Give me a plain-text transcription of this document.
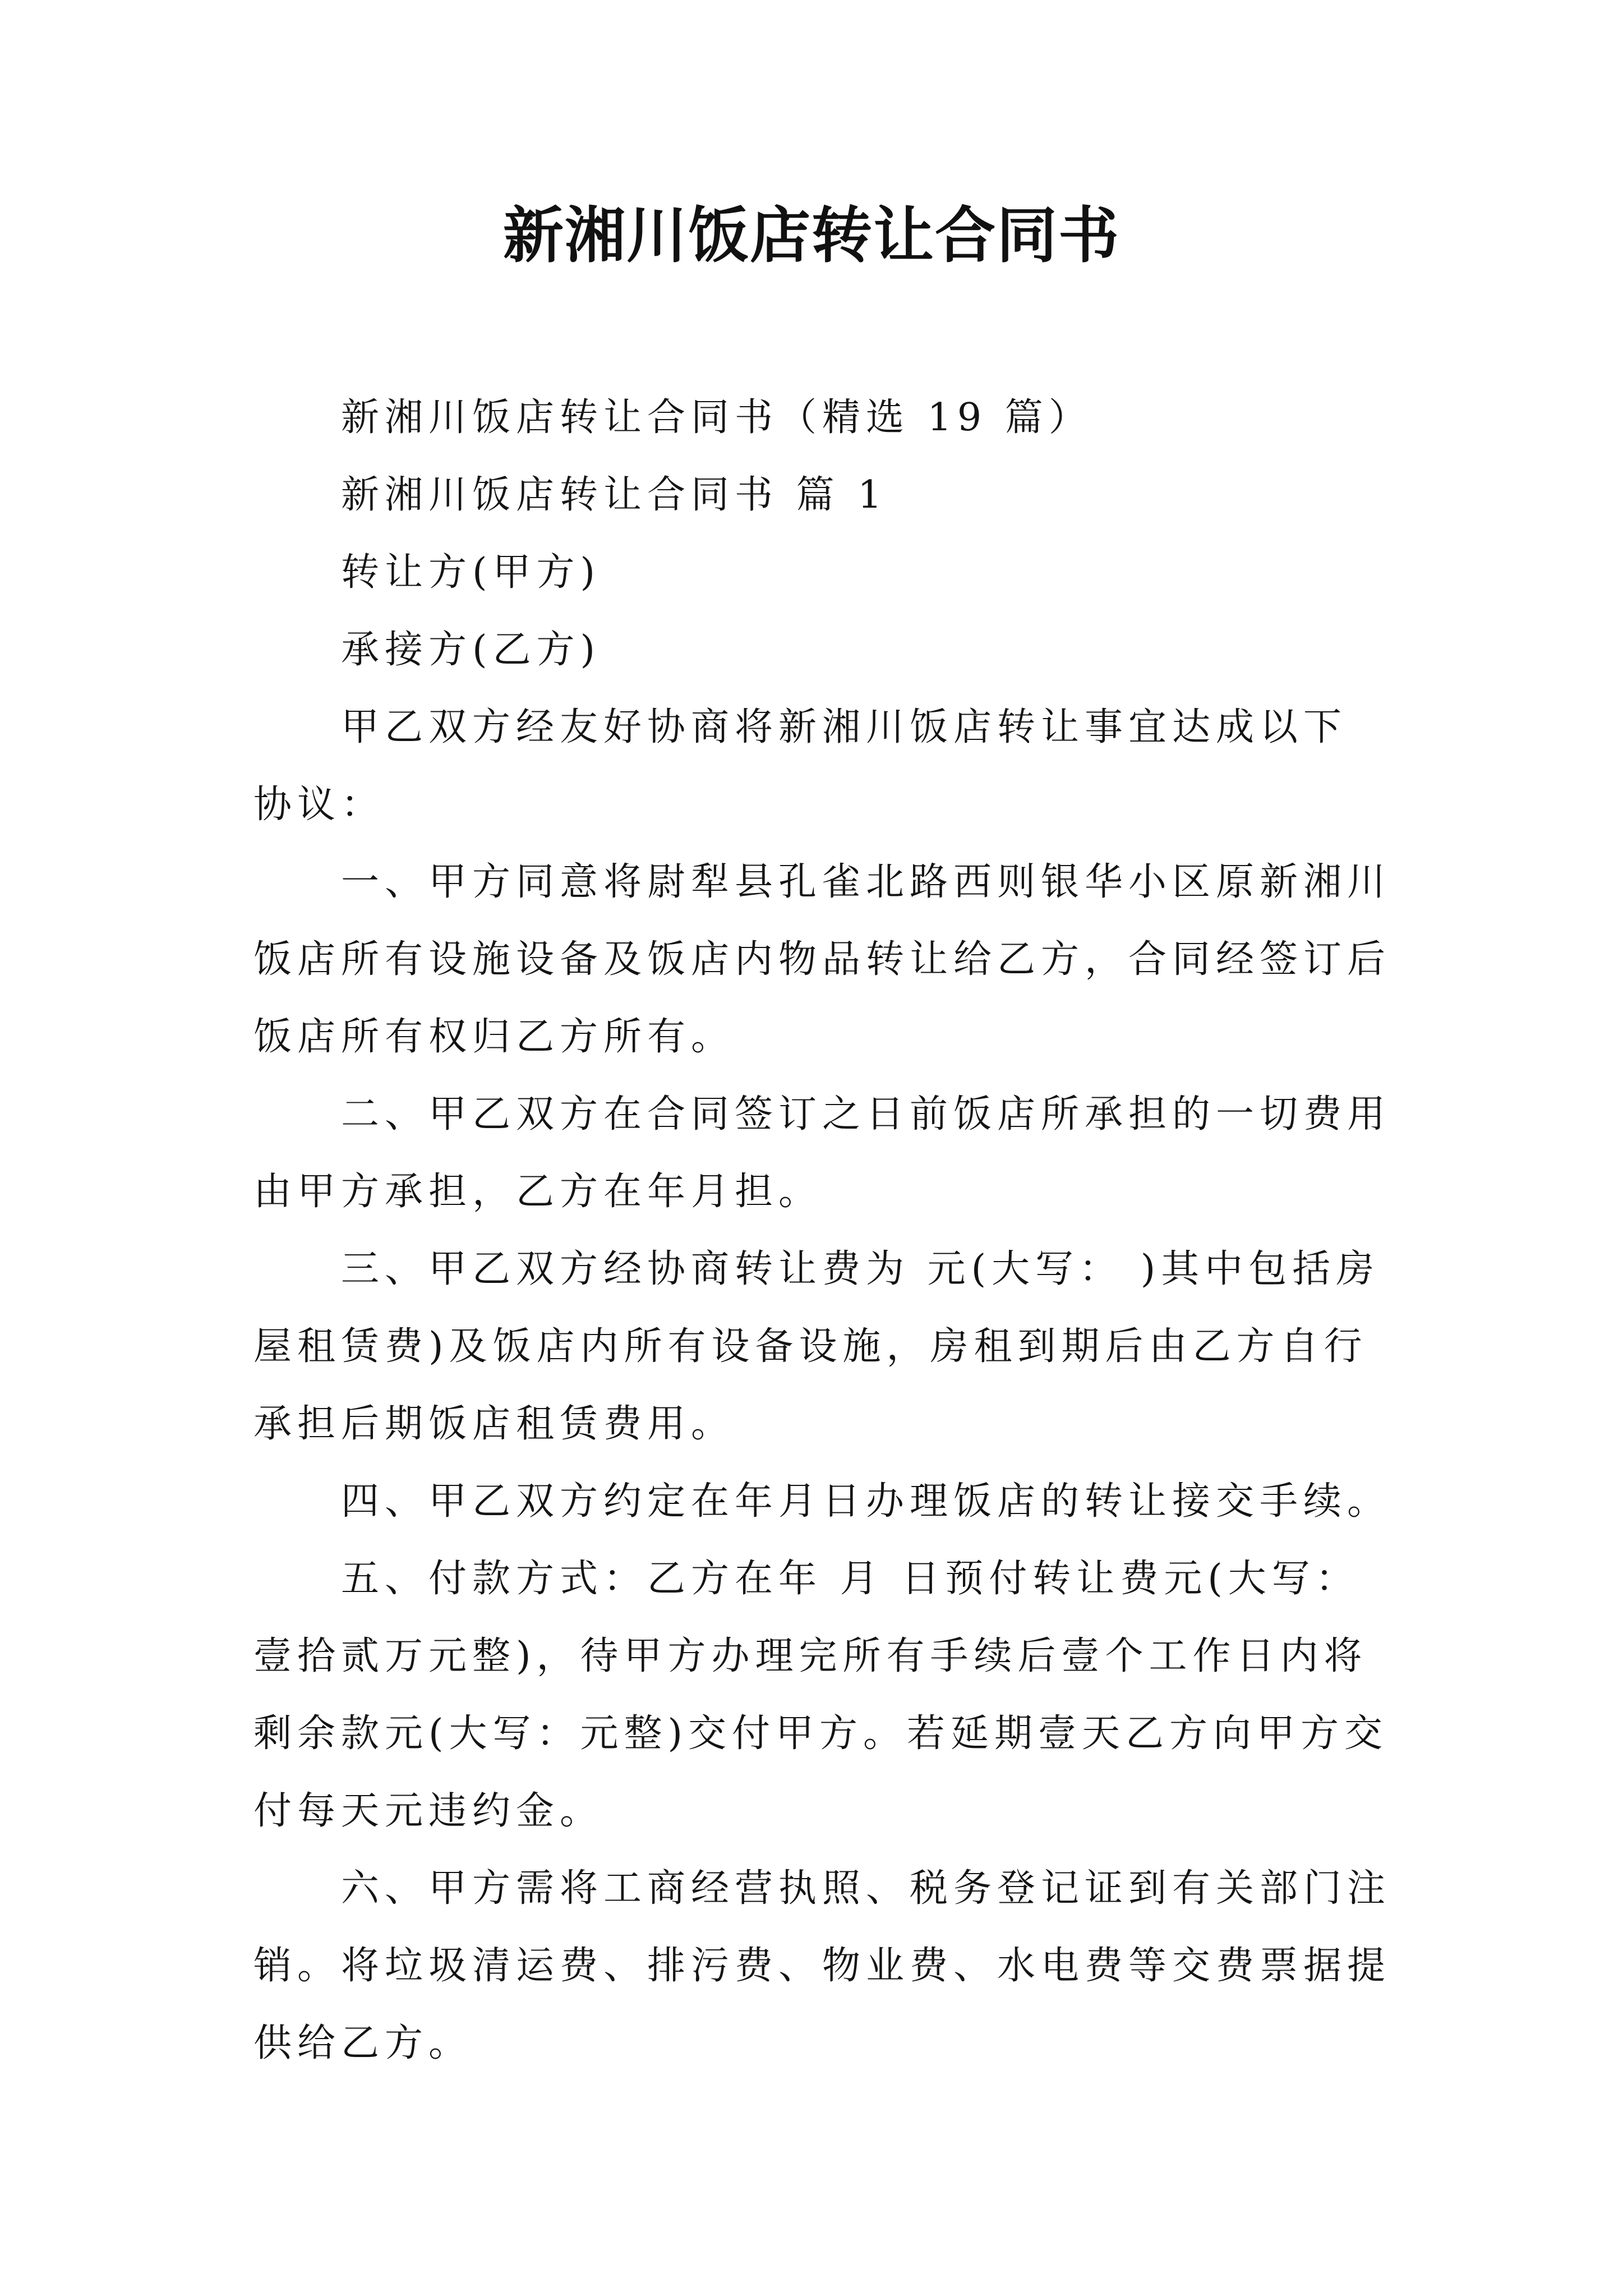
新湘川饭店转让合同书
新湘川饭店转让合同书（精选 19 篇）
新湘川饭店转让合同书 篇 1
转让方(甲方)
承接方(乙方)
甲乙双方经友好协商将新湘川饭店转让事宜达成以下
协议：
一、甲方同意将尉犁县孔雀北路西则银华小区原新湘川
饭店所有设施设备及饭店内物品转让给乙方，合同经签订后
饭店所有权归乙方所有。
二、甲乙双方在合同签订之日前饭店所承担的一切费用
由甲方承担，乙方在年月担。
三、甲乙双方经协商转让费为 元(大写： )其中包括房
屋租赁费)及饭店内所有设备设施，房租到期后由乙方自行
承担后期饭店租赁费用。
四、甲乙双方约定在年月日办理饭店的转让接交手续。
五、付款方式：乙方在年 月 日预付转让费元(大写：
壹拾贰万元整)，待甲方办理完所有手续后壹个工作日内将
剩余款元(大写：元整)交付甲方。若延期壹天乙方向甲方交
付每天元违约金。
六、甲方需将工商经营执照、税务登记证到有关部门注
销。将垃圾清运费、排污费、物业费、水电费等交费票据提
供给乙方。
